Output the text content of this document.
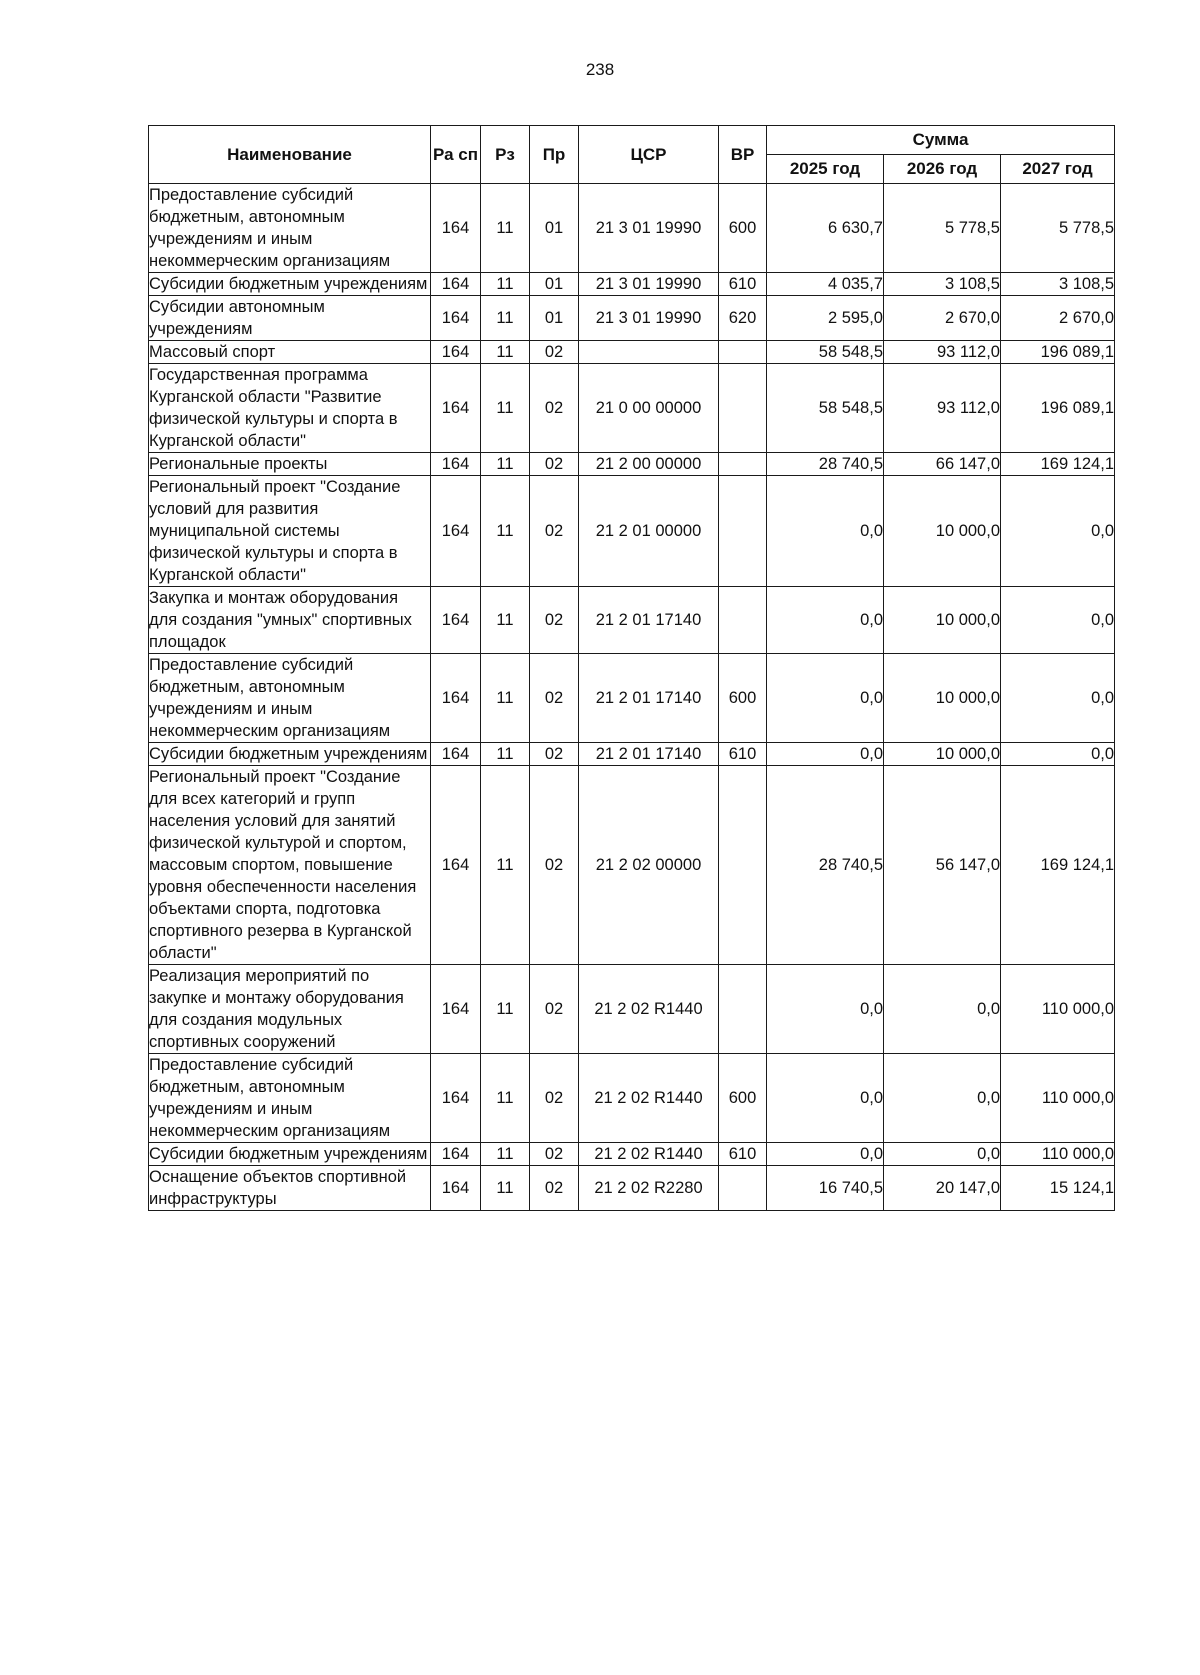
238
Наименование	Ра сп	Рз	Пр	ЦСР	ВР	Сумма		
						2025 год	2026 год	2027 год
Предоставление субсидий бюджетным, автономным учреждениям и иным некоммерческим организациям	164	11	01	21 3 01 19990	600	6 630,7	5 778,5	5 778,5
Субсидии бюджетным учреждениям	164	11	01	21 3 01 19990	610	4 035,7	3 108,5	3 108,5
Субсидии автономным учреждениям	164	11	01	21 3 01 19990	620	2 595,0	2 670,0	2 670,0
Массовый спорт	164	11	02			58 548,5	93 112,0	196 089,1
Государственная программа Курганской области "Развитие физической культуры и спорта в Курганской области"	164	11	02	21 0 00 00000		58 548,5	93 112,0	196 089,1
Региональные проекты	164	11	02	21 2 00 00000		28 740,5	66 147,0	169 124,1
Региональный проект "Создание условий для развития муниципальной системы физической культуры и спорта в Курганской области"	164	11	02	21 2 01 00000		0,0	10 000,0	0,0
Закупка и монтаж оборудования для создания "умных" спортивных площадок	164	11	02	21 2 01 17140		0,0	10 000,0	0,0
Предоставление субсидий бюджетным, автономным учреждениям и иным некоммерческим организациям	164	11	02	21 2 01 17140	600	0,0	10 000,0	0,0
Субсидии бюджетным учреждениям	164	11	02	21 2 01 17140	610	0,0	10 000,0	0,0
Региональный проект "Создание для всех категорий и групп населения условий для занятий физической культурой и спортом, массовым спортом, повышение уровня обеспеченности населения объектами спорта, подготовка спортивного резерва в Курганской области"	164	11	02	21 2 02 00000		28 740,5	56 147,0	169 124,1
Реализация мероприятий по закупке и монтажу оборудования для создания модульных спортивных сооружений	164	11	02	21 2 02 R1440		0,0	0,0	110 000,0
Предоставление субсидий бюджетным, автономным учреждениям и иным некоммерческим организациям	164	11	02	21 2 02 R1440	600	0,0	0,0	110 000,0
Субсидии бюджетным учреждениям	164	11	02	21 2 02 R1440	610	0,0	0,0	110 000,0
Оснащение объектов спортивной инфраструктуры	164	11	02	21 2 02 R2280		16 740,5	20 147,0	15 124,1
